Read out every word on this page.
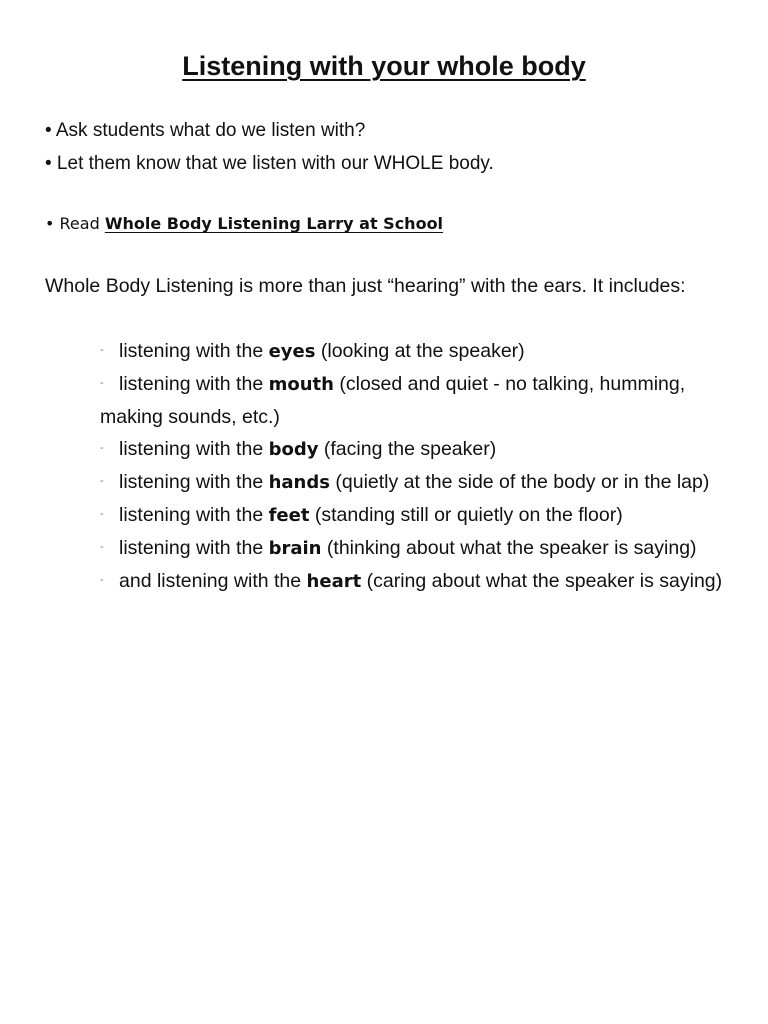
Listening with your whole body
• Ask students what do we listen with?
• Let them know that we listen with our WHOLE body.
• Read Whole Body Listening Larry at School
Whole Body Listening is more than just “hearing” with the ears. It includes:
- listening with the eyes (looking at the speaker)
- listening with the mouth (closed and quiet - no talking, humming, making sounds, etc.)
- listening with the body (facing the speaker)
- listening with the hands (quietly at the side of the body or in the lap)
- listening with the feet (standing still or quietly on the floor)
- listening with the brain (thinking about what the speaker is saying)
- and listening with the heart (caring about what the speaker is saying)
